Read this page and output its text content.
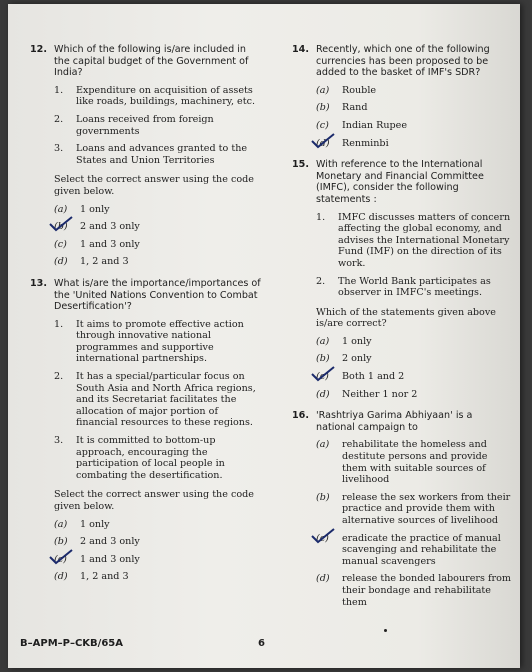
12. Which of the following is/are included in the capital budget of the Government of India?
1.	Expenditure on acquisition of assets like roads, buildings, machinery, etc.
2.	Loans received from foreign governments
3.	Loans and advances granted to the States and Union Territories
Select the correct answer using the code given below.
(a)	1 only
(b)	2 and 3 only
(c)	1 and 3 only
(d)	1, 2 and 3
13. What is/are the importance/importances of the 'United Nations Convention to Combat Desertification'?
1.	It aims to promote effective action through innovative national programmes and supportive international partnerships.
2.	It has a special/particular focus on South Asia and North Africa regions, and its Secretariat facilitates the allocation of major portion of financial resources to these regions.
3.	It is committed to bottom-up approach, encouraging the participation of local people in combating the desertification.
Select the correct answer using the code given below.
(a)	1 only
(b)	2 and 3 only
(c)	1 and 3 only
(d)	1, 2 and 3
14. Recently, which one of the following currencies has been proposed to be added to the basket of IMF's SDR?
(a)	Rouble
(b)	Rand
(c)	Indian Rupee
(d)	Renminbi
15. With reference to the International Monetary and Financial Committee (IMFC), consider the following statements :
1.	IMFC discusses matters of concern affecting the global economy, and advises the International Monetary Fund (IMF) on the direction of its work.
2.	The World Bank participates as observer in IMFC's meetings.
Which of the statements given above is/are correct?
(a)	1 only
(b)	2 only
(c)	Both 1 and 2
(d)	Neither 1 nor 2
16. 'Rashtriya Garima Abhiyaan' is a national campaign to
(a)	rehabilitate the homeless and destitute persons and provide them with suitable sources of livelihood
(b)	release the sex workers from their practice and provide them with alternative sources of livelihood
(c)	eradicate the practice of manual scavenging and rehabilitate the manual scavengers
(d)	release the bonded labourers from their bondage and rehabilitate them
B–APM–P–CKB/65A	6
